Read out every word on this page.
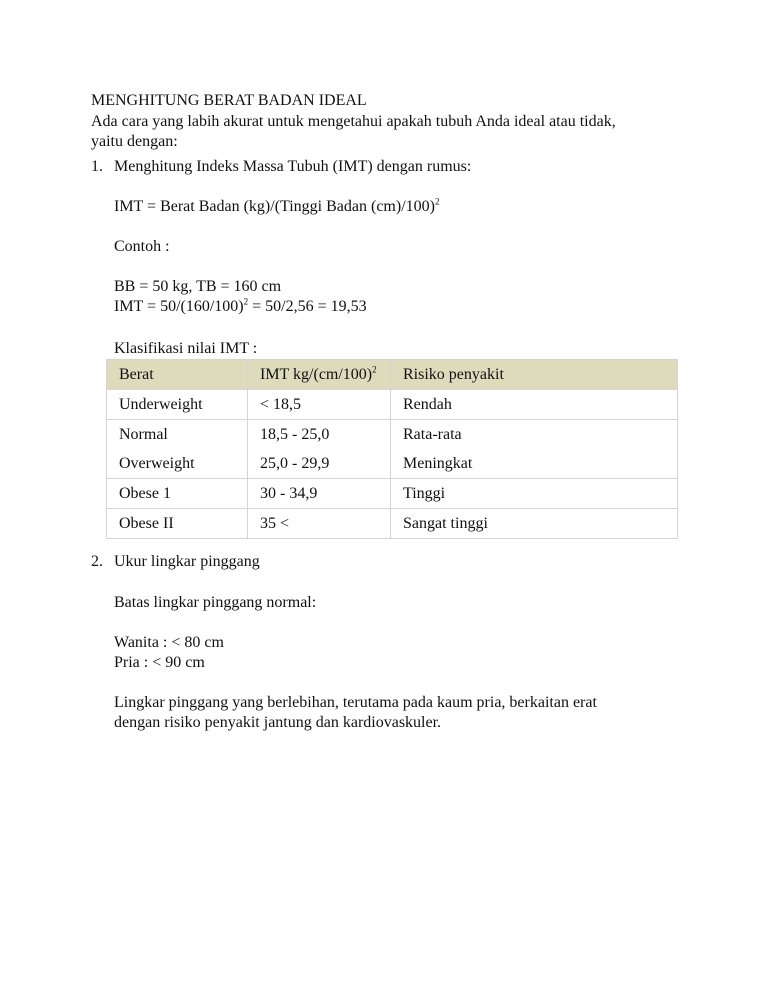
MENGHITUNG BERAT BADAN IDEAL
Ada cara yang labih akurat untuk mengetahui apakah tubuh Anda ideal atau tidak,
yaitu dengan:
1. Menghitung Indeks Massa Tubuh (IMT) dengan rumus:
IMT = Berat Badan (kg)/(Tinggi Badan (cm)/100)$^2$
Contoh :
BB = 50 kg, TB = 160 cm
IMT = $50/(160/100)^2 = 50/2,56 = 19,53$
Klasifikasi nilai IMT :
Berat	IMT $kg/(cm/100)^2$	Risiko penyakit
Underweight	< 18,5	Rendah
Normal	18,5 - 25,0	Rata-rata
Overweight	25,0 - 29,9	Meningkat
Obese 1	30 - 34,9	Tinggi
Obese II	35 <	Sangat tinggi
2. Ukur lingkar pinggang
Batas lingkar pinggang normal:
Wanita : < 80 cm
Pria : < 90 cm
Lingkar pinggang yang berlebihan, terutama pada kaum pria, berkaitan erat
dengan risiko penyakit jantung dan kardiovaskuler.
